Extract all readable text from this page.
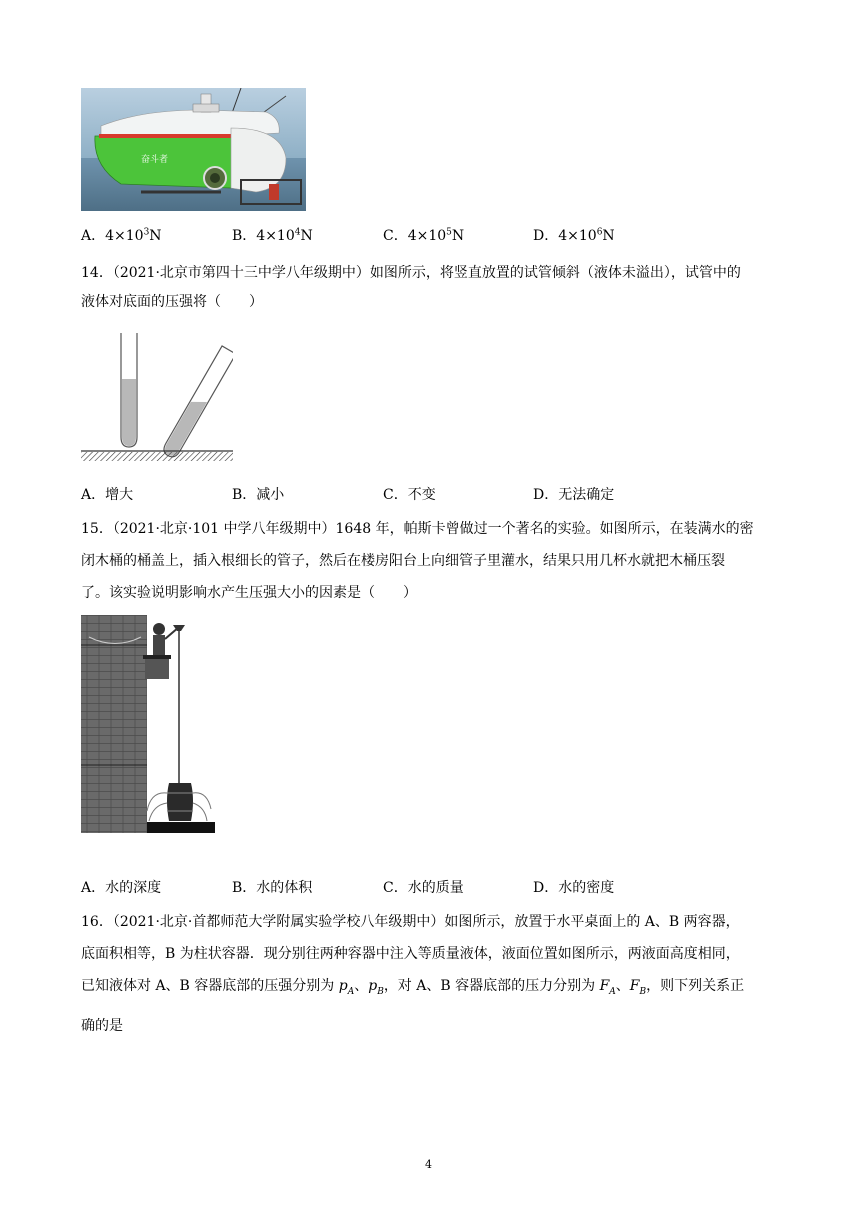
奋斗者
A．$4\times 10^3N$	B．$4\times 10^4N$	C．$4\times 10^5N$	D．$4\times 10^6N$
14．（2021·北京市第四十三中学八年级期中）如图所示，将竖直放置的试管倾斜（液体未溢出），试管中的
液体对底面的压强将（　　）
A．增大	B．减小	C．不变	D．无法确定
15．（2021·北京·101 中学八年级期中）1648 年，帕斯卡曾做过一个著名的实验。如图所示，在装满水的密
闭木桶的桶盖上，插入根细长的管子，然后在楼房阳台上向细管子里灌水，结果只用几杯水就把木桶压裂
了。该实验说明影响水产生压强大小的因素是（　　）
A．水的深度	B．水的体积	C．水的质量	D．水的密度
16．（2021·北京·首都师范大学附属实验学校八年级期中）如图所示，放置于水平桌面上的 A、B 两容器，
底面积相等，B 为柱状容器．现分别往两种容器中注入等质量液体，液面位置如图所示，两液面高度相同，
已知液体对 A、B 容器底部的压强分别为 $p_A$、$p_B$，对 A、B 容器底部的压力分别为 $F_A$、$F_B$，则下列关系正
确的是
4
